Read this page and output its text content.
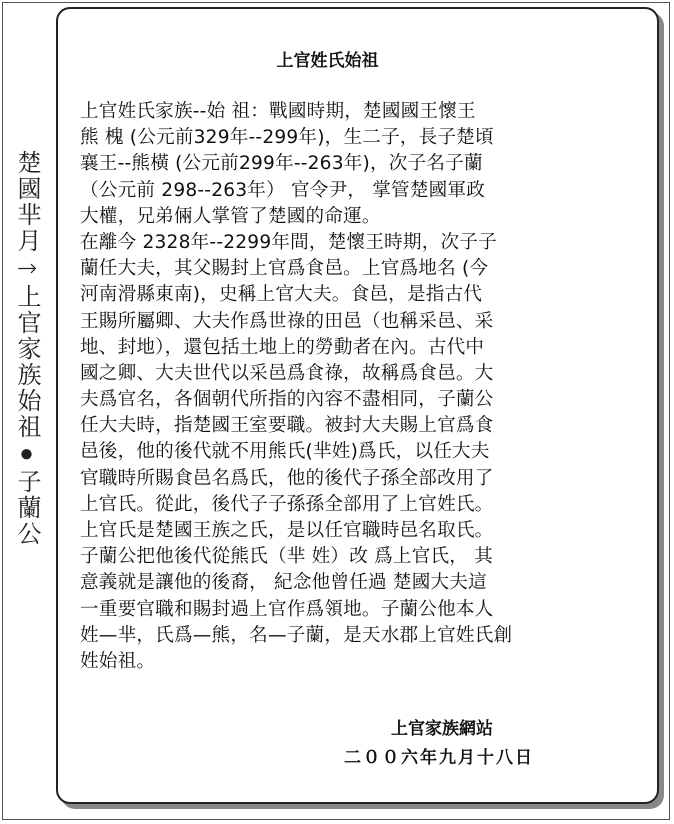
楚國芈月→上官家族始祖●子蘭公
上官姓氏始祖
上官姓氏家族--始 祖：戰國時期，楚國國王懷王
熊 槐 (公元前329年--299年)，生二子，長子楚頃
襄王--熊橫 (公元前299年--263年)，次子名子蘭
（公元前 298--263年） 官令尹， 掌管楚國軍政
大權，兄弟倆人掌管了楚國的命運。
在離今 2328年--2299年間，楚懷王時期，次子子
蘭任大夫，其父賜封上官爲食邑。上官爲地名 (今
河南滑縣東南)，史稱上官大夫。食邑，是指古代
王賜所屬卿、大夫作爲世祿的田邑（也稱采邑、采
地、封地），還包括土地上的勞動者在內。古代中
國之卿、大夫世代以采邑爲食祿，故稱爲食邑。大
夫爲官名，各個朝代所指的內容不盡相同，子蘭公
任大夫時，指楚國王室要職。被封大夫賜上官爲食
邑後，他的後代就不用熊氏(芈姓)爲氏，以任大夫
官職時所賜食邑名爲氏，他的後代子孫全部改用了
上官氏。從此，後代子子孫孫全部用了上官姓氏。
上官氏是楚國王族之氏，是以任官職時邑名取氏。
子蘭公把他後代從熊氏（芈 姓）改 爲上官氏， 其
意義就是讓他的後裔， 紀念他曾任過 楚國大夫這
一重要官職和賜封過上官作爲領地。子蘭公他本人
姓—芈，氏爲—熊，名—子蘭，是天水郡上官姓氏創
姓始祖。
上官家族網站
二００六年九月十八日
